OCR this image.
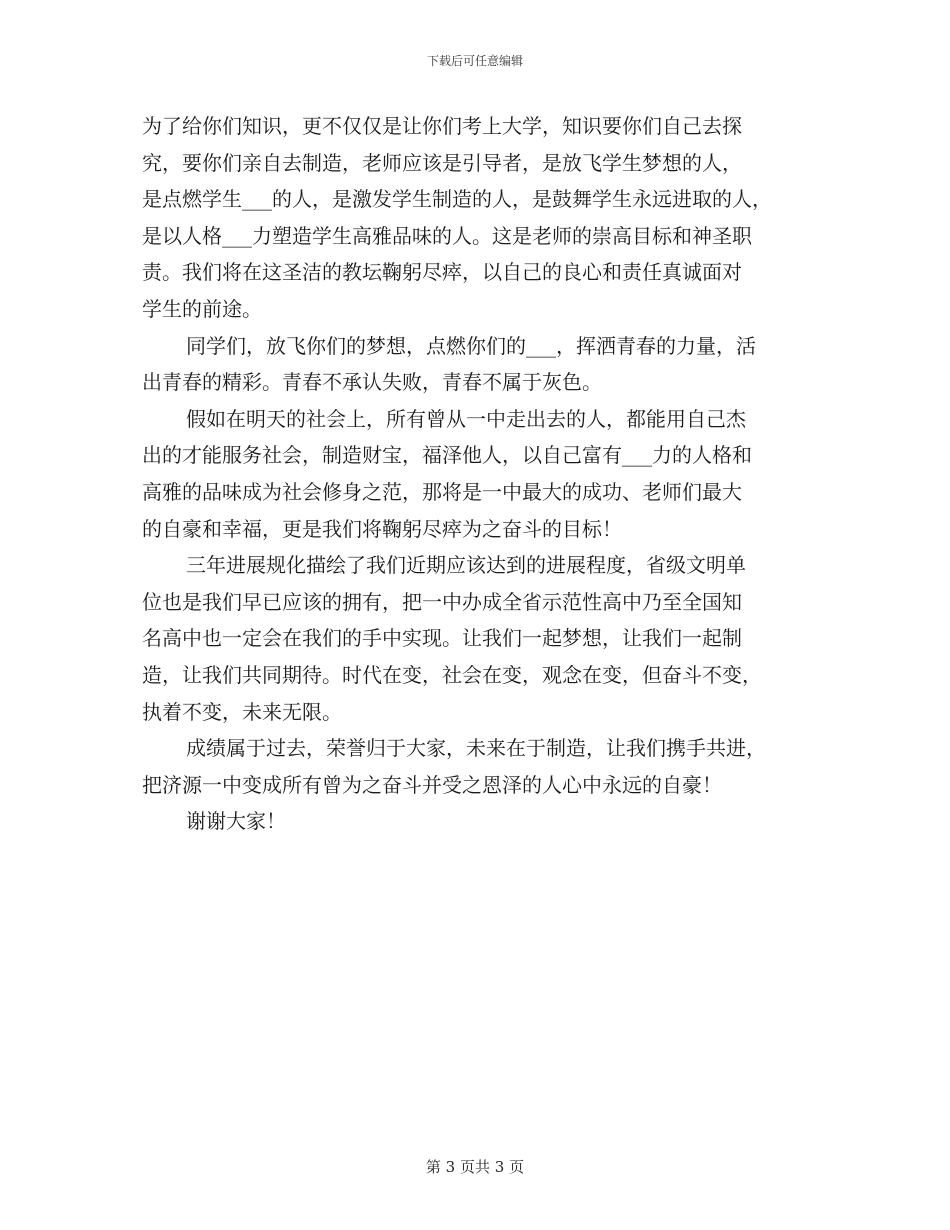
下载后可任意编辑
为了给你们知识，更不仅仅是让你们考上大学，知识要你们自己去探
究，要你们亲自去制造，老师应该是引导者，是放飞学生梦想的人，
是点燃学生___的人，是激发学生制造的人，是鼓舞学生永远进取的人，
是以人格___力塑造学生高雅品味的人。这是老师的崇高目标和神圣职
责。我们将在这圣洁的教坛鞠躬尽瘁，以自己的良心和责任真诚面对
学生的前途。
同学们，放飞你们的梦想，点燃你们的___，挥洒青春的力量，活
出青春的精彩。青春不承认失败，青春不属于灰色。
假如在明天的社会上，所有曾从一中走出去的人，都能用自己杰
出的才能服务社会，制造财宝，福泽他人，以自己富有___力的人格和
高雅的品味成为社会修身之范，那将是一中最大的成功、老师们最大
的自豪和幸福，更是我们将鞠躬尽瘁为之奋斗的目标！
三年进展规化描绘了我们近期应该达到的进展程度，省级文明单
位也是我们早已应该的拥有，把一中办成全省示范性高中乃至全国知
名高中也一定会在我们的手中实现。让我们一起梦想，让我们一起制
造，让我们共同期待。时代在变，社会在变，观念在变，但奋斗不变，
执着不变，未来无限。
成绩属于过去，荣誉归于大家，未来在于制造，让我们携手共进，
把济源一中变成所有曾为之奋斗并受之恩泽的人心中永远的自豪！
谢谢大家！
第 3 页共 3 页
